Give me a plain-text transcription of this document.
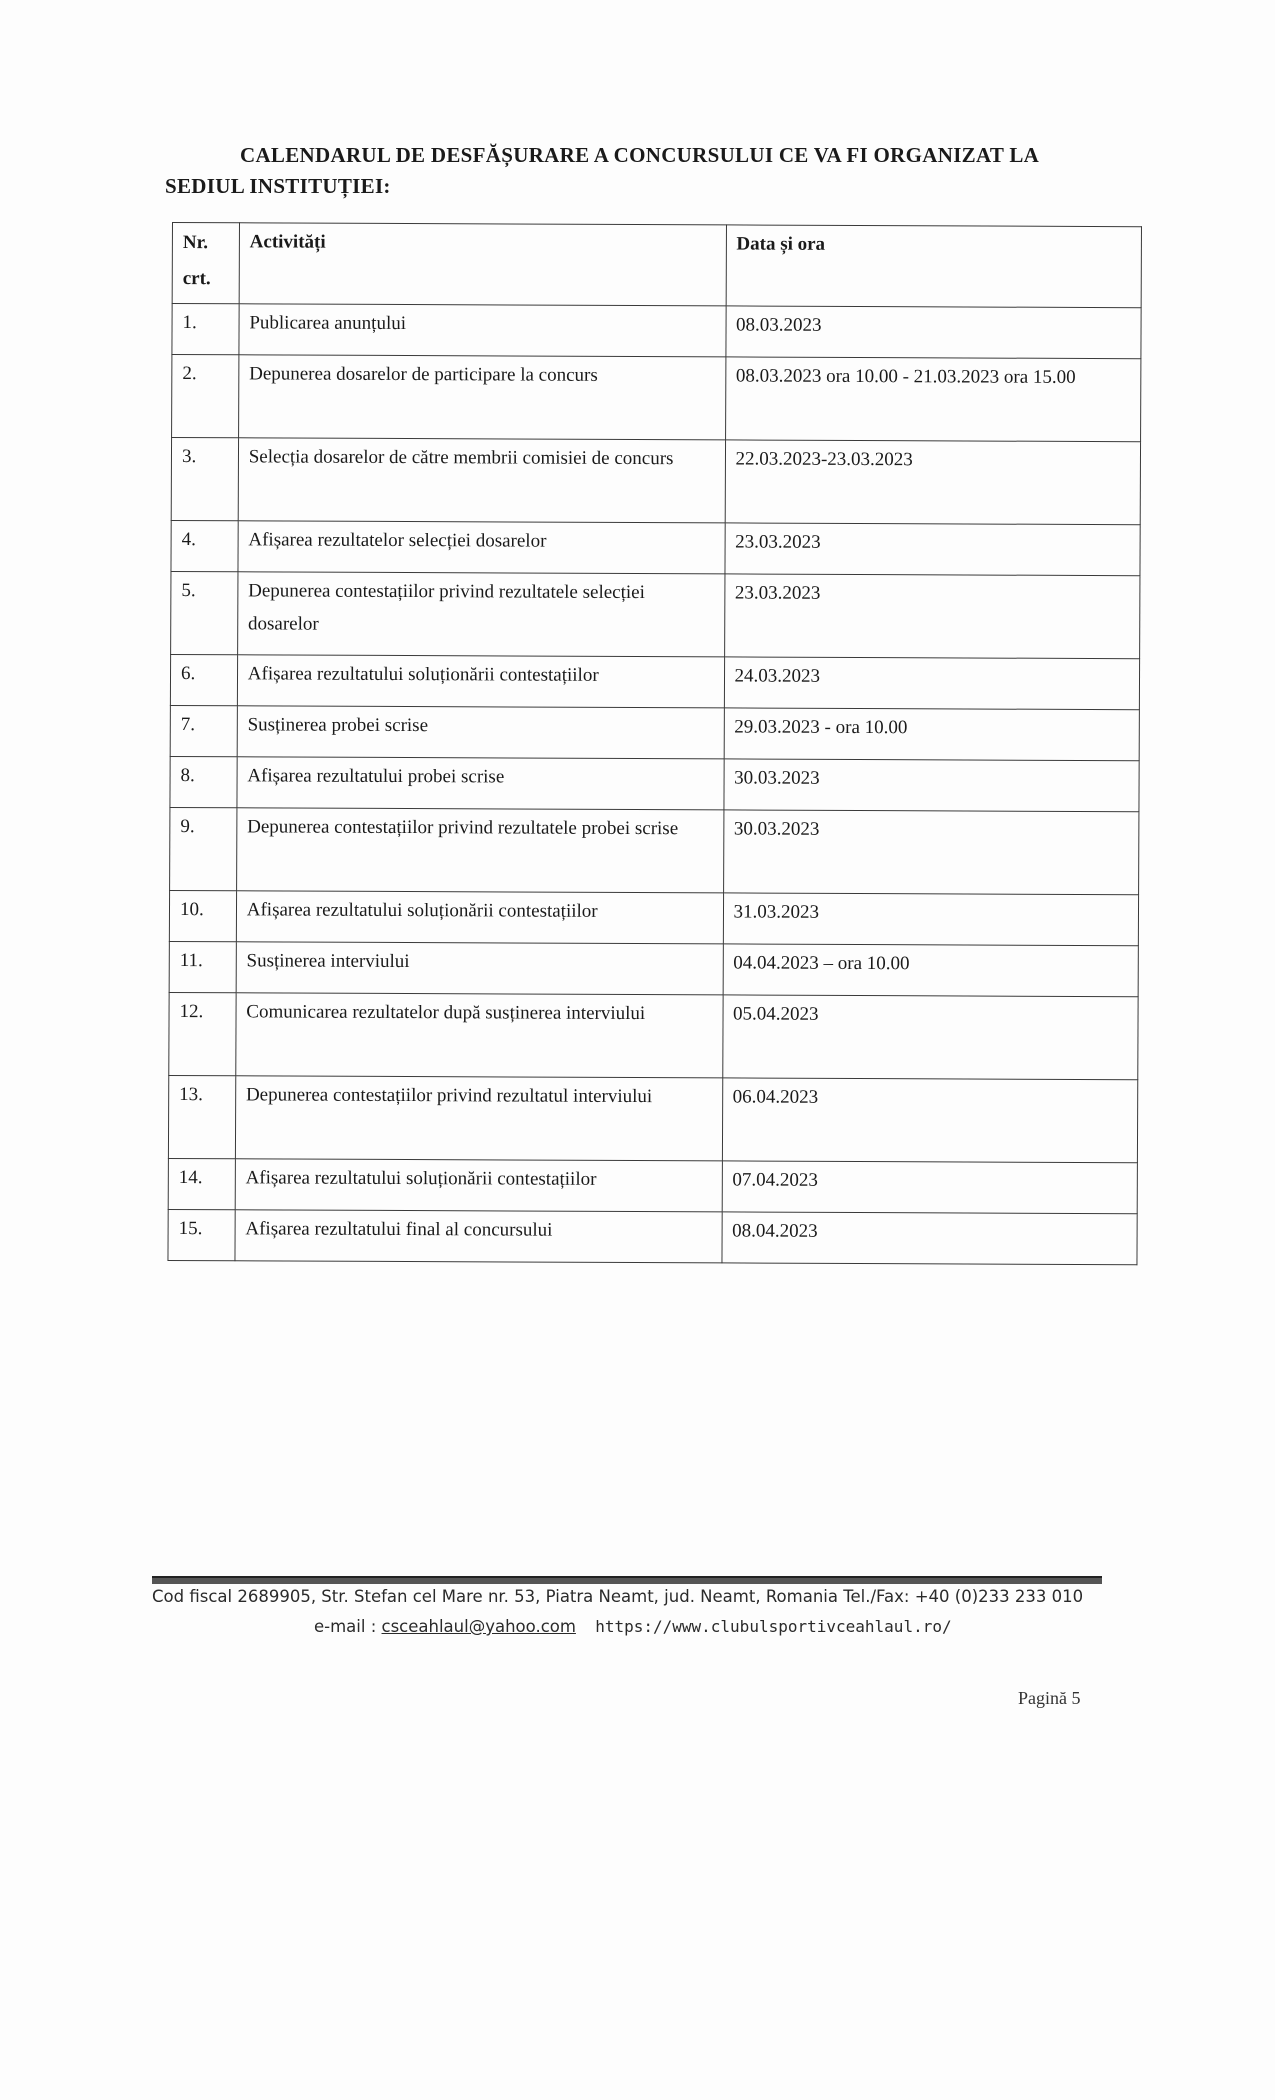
CALENDARUL DE DESFĂȘURARE A CONCURSULUI CE VA FI ORGANIZAT LA
SEDIUL INSTITUȚIEI:
Nr. crt.	Activități	Data și ora
1.	Publicarea anunțului	08.03.2023
2.	Depunerea dosarelor de participare la concurs	08.03.2023 ora 10.00 - 21.03.2023 ora 15.00
3.	Selecția dosarelor de către membrii comisiei de concurs	22.03.2023-23.03.2023
4.	Afișarea rezultatelor selecției dosarelor	23.03.2023
5.	Depunerea contestațiilor privind rezultatele selecției dosarelor	23.03.2023
6.	Afișarea rezultatului soluționării contestațiilor	24.03.2023
7.	Susținerea probei scrise	29.03.2023 - ora 10.00
8.	Afișarea rezultatului probei scrise	30.03.2023
9.	Depunerea contestațiilor privind rezultatele probei scrise	30.03.2023
10.	Afișarea rezultatului soluționării contestațiilor	31.03.2023
11.	Susținerea interviului	04.04.2023 – ora 10.00
12.	Comunicarea rezultatelor după susținerea interviului	05.04.2023
13.	Depunerea contestațiilor privind rezultatul interviului	06.04.2023
14.	Afișarea rezultatului soluționării contestațiilor	07.04.2023
15.	Afișarea rezultatului final al concursului	08.04.2023
Cod fiscal 2689905, Str. Stefan cel Mare nr. 53, Piatra Neamt, jud. Neamt, Romania Tel./Fax: +40 (0)233 233 010
e-mail : csceahlaul@yahoo.com https://www.clubulsportivceahlaul.ro/
Pagină 5
